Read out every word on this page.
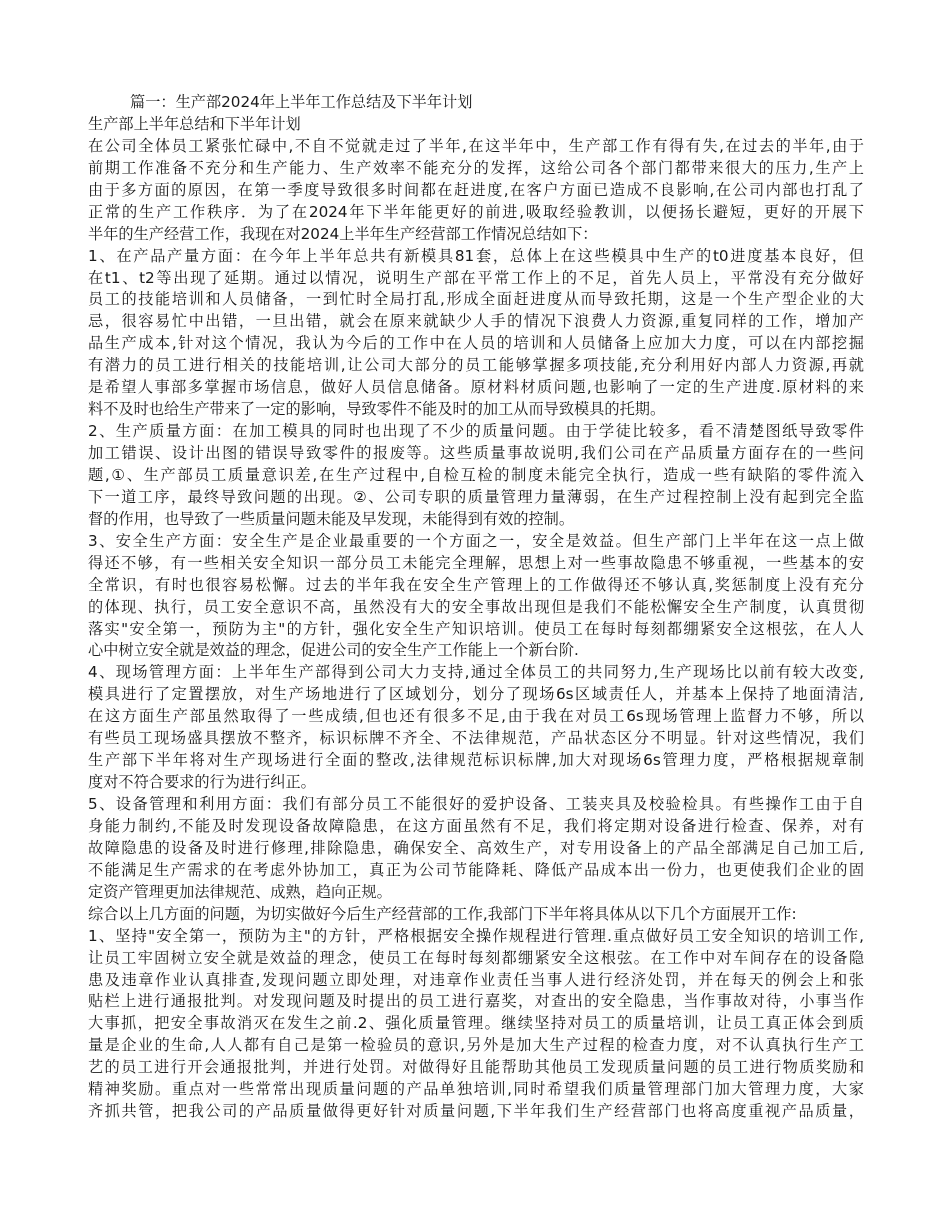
篇一：生产部2024年上半年工作总结及下半年计划
生产部上半年总结和下半年计划
在公司全体员工紧张忙碌中,不自不觉就走过了半年,在这半年中，生产部工作有得有失,在过去的半年,由于
前期工作准备不充分和生产能力、生产效率不能充分的发挥，这给公司各个部门都带来很大的压力,生产上
由于多方面的原因，在第一季度导致很多时间都在赶进度,在客户方面已造成不良影响,在公司内部也打乱了
正常的生产工作秩序．为了在2024年下半年能更好的前进,吸取经验教训，以便扬长避短，更好的开展下
半年的生产经营工作，我现在对2024上半年生产经营部工作情况总结如下：
1、在产品产量方面：在今年上半年总共有新模具81套，总体上在这些模具中生产的t0进度基本良好，但
在t1、t2等出现了延期。通过以情况，说明生产部在平常工作上的不足，首先人员上，平常没有充分做好
员工的技能培训和人员储备，一到忙时全局打乱,形成全面赶进度从而导致托期，这是一个生产型企业的大
忌，很容易忙中出错，一旦出错，就会在原来就缺少人手的情况下浪费人力资源,重复同样的工作，增加产
品生产成本,针对这个情况，我认为今后的工作中在人员的培训和人员储备上应加大力度，可以在内部挖掘
有潜力的员工进行相关的技能培训,让公司大部分的员工能够掌握多项技能,充分利用好内部人力资源,再就
是希望人事部多掌握市场信息，做好人员信息储备。原材料材质问题,也影响了一定的生产进度.原材料的来
料不及时也给生产带来了一定的影响，导致零件不能及时的加工从而导致模具的托期。
2、生产质量方面：在加工模具的同时也出现了不少的质量问题。由于学徒比较多，看不清楚图纸导致零件
加工错误、设计出图的错误导致零件的报废等。这些质量事故说明,我们公司在产品质量方面存在的一些问
题,①、生产部员工质量意识差,在生产过程中,自检互检的制度未能完全执行，造成一些有缺陷的零件流入
下一道工序，最终导致问题的出现。②、公司专职的质量管理力量薄弱，在生产过程控制上没有起到完全监
督的作用，也导致了一些质量问题未能及早发现，未能得到有效的控制。
3、安全生产方面：安全生产是企业最重要的一个方面之一，安全是效益。但生产部门上半年在这一点上做
得还不够，有一些相关安全知识一部分员工未能完全理解，思想上对一些事故隐患不够重视，一些基本的安
全常识，有时也很容易松懈。过去的半年我在安全生产管理上的工作做得还不够认真,奖惩制度上没有充分
的体现、执行，员工安全意识不高，虽然没有大的安全事故出现但是我们不能松懈安全生产制度，认真贯彻
落实"安全第一，预防为主"的方针，强化安全生产知识培训。使员工在每时每刻都绷紧安全这根弦，在人人
心中树立安全就是效益的理念，促进公司的安全生产工作能上一个新台阶.
4、现场管理方面：上半年生产部得到公司大力支持,通过全体员工的共同努力,生产现场比以前有较大改变,
模具进行了定置摆放，对生产场地进行了区域划分，划分了现场6s区域责任人，并基本上保持了地面清洁,
在这方面生产部虽然取得了一些成绩,但也还有很多不足,由于我在对员工6s现场管理上监督力不够，所以
有些员工现场盛具摆放不整齐，标识标牌不齐全、不法律规范，产品状态区分不明显。针对这些情况，我们
生产部下半年将对生产现场进行全面的整改,法律规范标识标牌,加大对现场6s管理力度，严格根据规章制
度对不符合要求的行为进行纠正。
5、设备管理和利用方面：我们有部分员工不能很好的爱护设备、工装夹具及校验检具。有些操作工由于自
身能力制约,不能及时发现设备故障隐患，在这方面虽然有不足，我们将定期对设备进行检查、保养，对有
故障隐患的设备及时进行修理,排除隐患，确保安全、高效生产，对专用设备上的产品全部满足自己加工后,
不能满足生产需求的在考虑外协加工，真正为公司节能降耗、降低产品成本出一份力，也更使我们企业的固
定资产管理更加法律规范、成熟，趋向正规。
综合以上几方面的问题，为切实做好今后生产经营部的工作,我部门下半年将具体从以下几个方面展开工作:
1、坚持"安全第一，预防为主"的方针，严格根据安全操作规程进行管理.重点做好员工安全知识的培训工作,
让员工牢固树立安全就是效益的理念，使员工在每时每刻都绷紧安全这根弦。在工作中对车间存在的设备隐
患及违章作业认真排查,发现问题立即处理，对违章作业责任当事人进行经济处罚，并在每天的例会上和张
贴栏上进行通报批判。对发现问题及时提出的员工进行嘉奖，对查出的安全隐患，当作事故对待，小事当作
大事抓，把安全事故消灭在发生之前.2、强化质量管理。继续坚持对员工的质量培训，让员工真正体会到质
量是企业的生命,人人都有自己是第一检验员的意识,另外是加大生产过程的检查力度，对不认真执行生产工
艺的员工进行开会通报批判，并进行处罚。对做得好且能帮助其他员工发现质量问题的员工进行物质奖励和
精神奖励。重点对一些常常出现质量问题的产品单独培训,同时希望我们质量管理部门加大管理力度，大家
齐抓共管，把我公司的产品质量做得更好针对质量问题,下半年我们生产经营部门也将高度重视产品质量，
